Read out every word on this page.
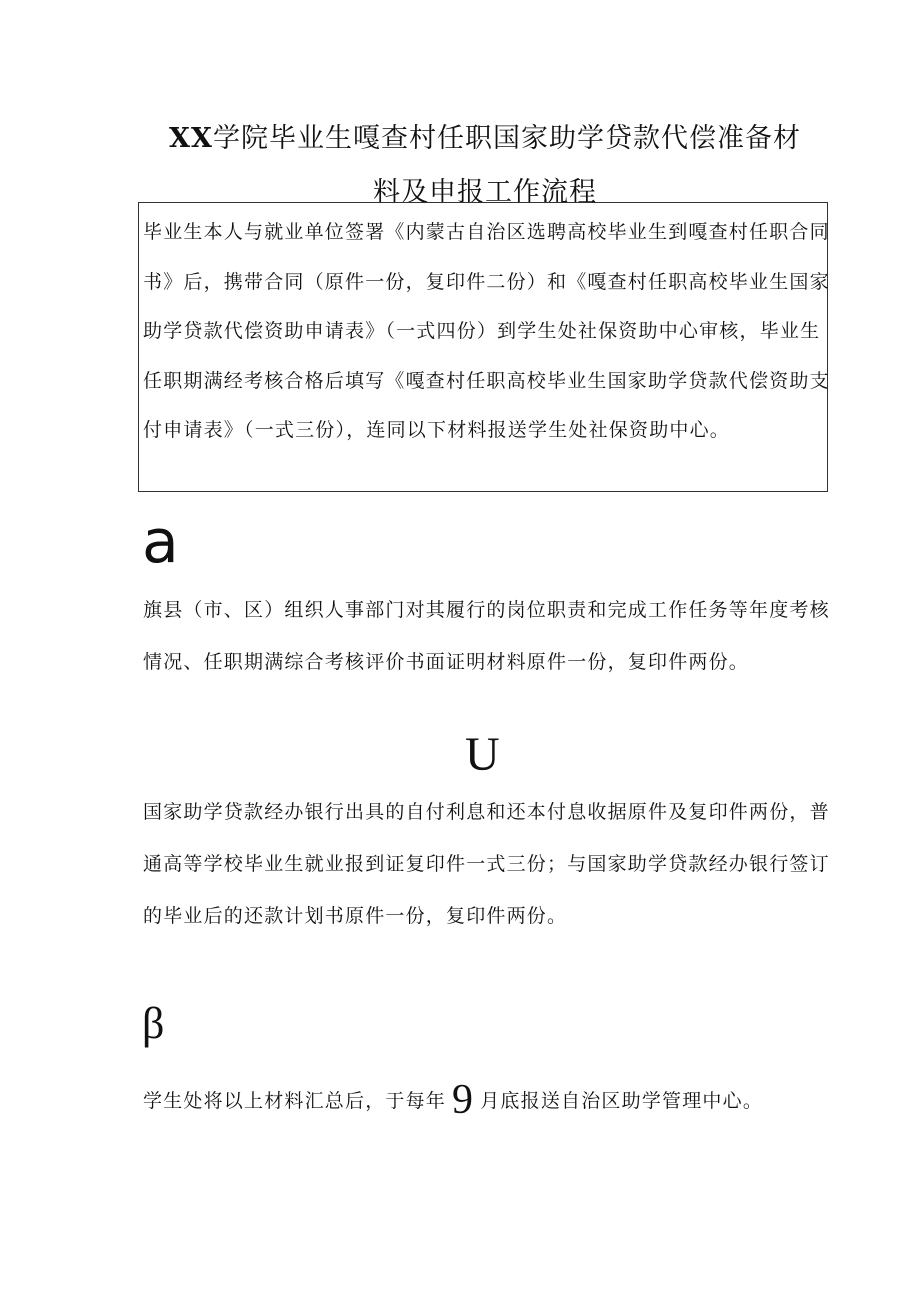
XX学院毕业生嘎查村任职国家助学贷款代偿准备材
料及申报工作流程
毕业生本人与就业单位签署《内蒙古自治区选聘高校毕业生到嘎查村任职合同书》后，携带合同（原件一份，复印件二份）和《嘎查村任职高校毕业生国家助学贷款代偿资助申请表》（一式四份）到学生处社保资助中心审核，毕业生任职期满经考核合格后填写《嘎查村任职高校毕业生国家助学贷款代偿资助支付申请表》（一式三份），连同以下材料报送学生处社保资助中心。
a
旗县（市、区）组织人事部门对其履行的岗位职责和完成工作任务等年度考核情况、任职期满综合考核评价书面证明材料原件一份，复印件两份。
U
国家助学贷款经办银行出具的自付利息和还本付息收据原件及复印件两份，普通高等学校毕业生就业报到证复印件一式三份；与国家助学贷款经办银行签订的毕业后的还款计划书原件一份，复印件两份。
β
学生处将以上材料汇总后，于每年 9 月底报送自治区助学管理中心。
